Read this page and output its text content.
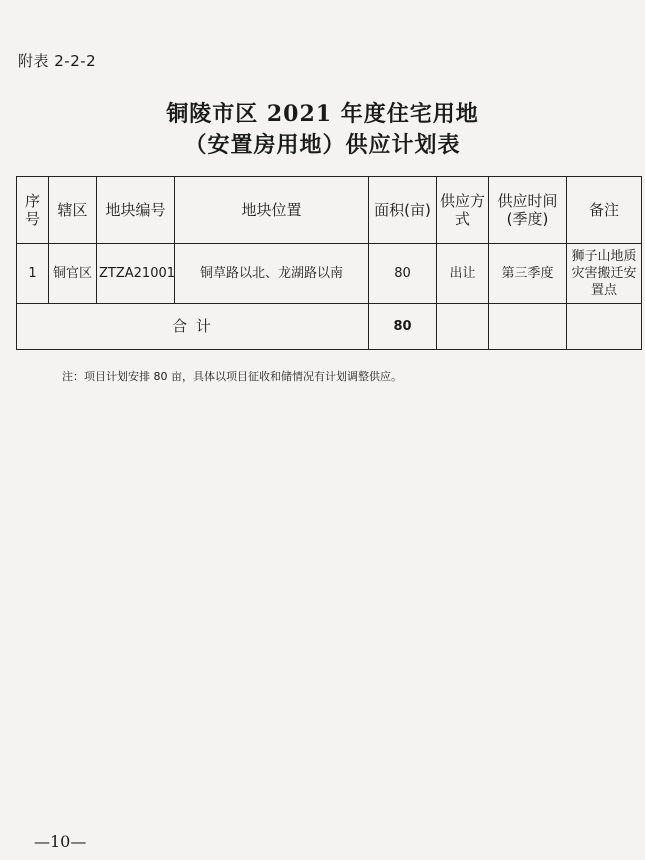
附表 2-2-2
铜陵市区 2021 年度住宅用地
（安置房用地）供应计划表
序号	辖区	地块编号	地块位置	面积(亩)	供应方式	供应时间(季度)	备注
1	铜官区	ZTZA21001	铜草路以北、龙湖路以南	80	出让	第三季度	狮子山地质灾害搬迁安置点
合 计				80			
注：项目计划安排 80 亩，具体以项目征收和储情况有计划调整供应。
—10—
